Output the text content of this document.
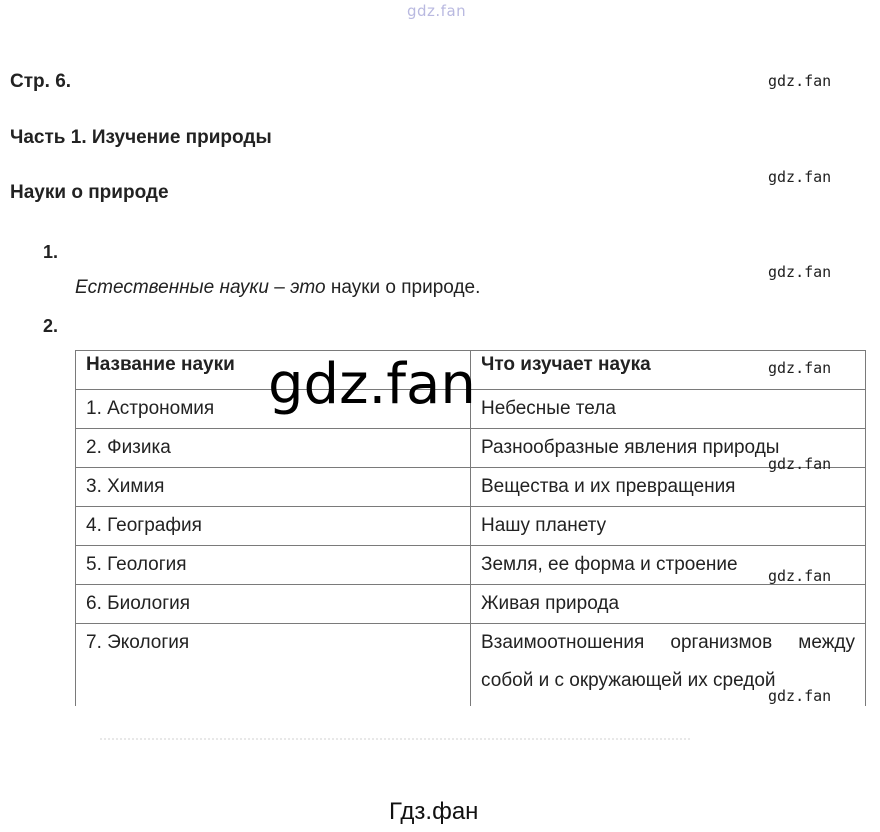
gdz.fan
Стр. 6.
Часть 1. Изучение природы
Науки о природе
1.
Естественные науки – это науки о природе.
2.
Название науки	Что изучает наука
1. Астрономия	Небесные тела
2. Физика	Разнообразные явления природы
3. Химия	Вещества и их превращения
4. География	Нашу планету
5. Геология	Земля, ее форма и строение
6. Биология	Живая природа
7. Экология	Взаимоотношения организмов между собой и с окружающей их средой
gdz.fan
gdz.fan
gdz.fan
gdz.fan
gdz.fan
gdz.fan
gdz.fan
gdz.fan
Гдз.фан
